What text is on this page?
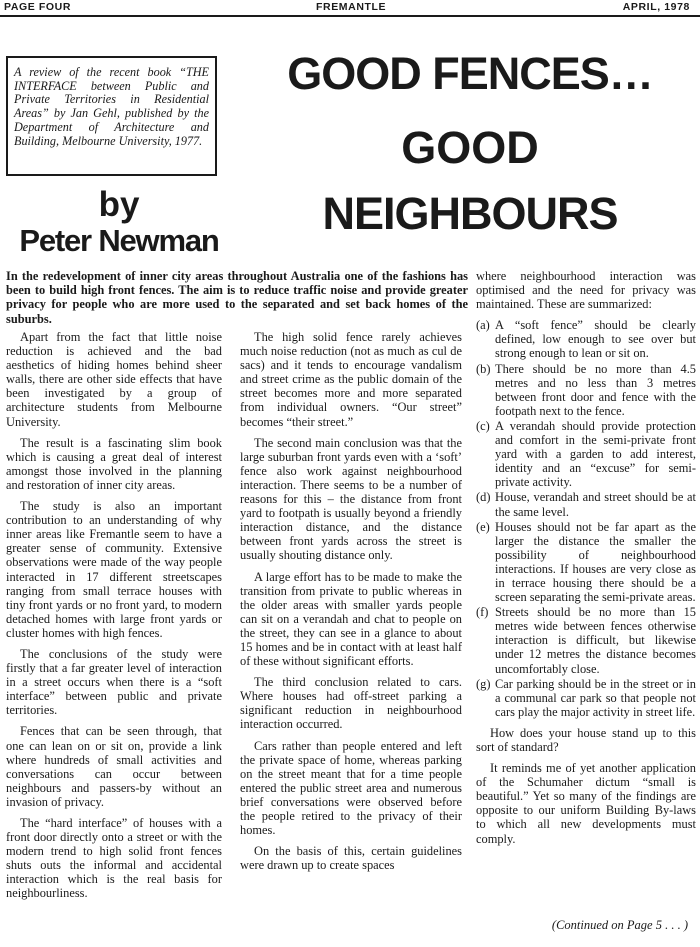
PAGE FOUR	FREMANTLE	APRIL, 1978
A review of the recent book “THE INTERFACE between Public and Private Territories in Residential Areas” by Jan Gehl, published by the Department of Architecture and Building, Melbourne University, 1977.
GOOD FENCES…
GOOD
NEIGHBOURS
by
Peter Newman
In the redevelopment of inner city areas throughout Australia one of the fashions has been to build high front fences. The aim is to reduce traffic noise and provide greater privacy for people who are more used to the separated and set back homes of the suburbs.

Apart from the fact that little noise reduction is achieved and the bad aesthetics of hiding homes behind sheer walls, there are other side effects that have been investigated by a group of architecture students from Melbourne University.

The result is a fascinating slim book which is causing a great deal of interest amongst those involved in the planning and restoration of inner city areas.

The study is also an important contribution to an understanding of why inner areas like Fremantle seem to have a greater sense of community. Extensive observations were made of the way people interacted in 17 different streetscapes ranging from small terrace houses with tiny front yards or no front yard, to modern detached homes with large front yards or cluster homes with high fences.

The conclusions of the study were firstly that a far greater level of interaction in a street occurs when there is a “soft interface” between public and private territories.

Fences that can be seen through, that one can lean on or sit on, provide a link where hundreds of small activities and conversations can occur between neighbours and passers-by without an invasion of privacy.

The “hard interface” of houses with a front door directly onto a street or with the modern trend to high solid front fences shuts outs the informal and accidental interaction which is the real basis for neighbourliness.

The high solid fence rarely achieves much noise reduction (not as much as cul de sacs) and it tends to encourage vandalism and street crime as the public domain of the street becomes more and more separated from individual owners. “Our street” becomes “their street.”

The second main conclusion was that the large suburban front yards even with a ‘soft’ fence also work against neighbourhood interaction. There seems to be a number of reasons for this – the distance from front yard to footpath is usually beyond a friendly interaction distance, and the distance between front yards across the street is usually shouting distance only.

A large effort has to be made to make the transition from private to public whereas in the older areas with smaller yards people can sit on a verandah and chat to people on the street, they can see in a glance to about 15 homes and be in contact with at least half of these without significant efforts.

The third conclusion related to cars. Where houses had off-street parking a significant reduction in neighbourhood interaction occurred.

Cars rather than people entered and left the private space of home, whereas parking on the street meant that for a time people entered the public street area and numerous brief conversations were observed before the people retired to the privacy of their homes.

On the basis of this, certain guidelines were drawn up to create spaces

where neighbourhood interaction was optimised and the need for privacy was maintained. These are summarized:

(a) A “soft fence” should be clearly defined, low enough to see over but strong enough to lean or sit on.
(b) There should be no more than 4.5 metres and no less than 3 metres between front door and fence with the footpath next to the fence.
(c) A verandah should provide protection and comfort in the semi-private front yard with a garden to add interest, identity and an “excuse” for semi-private activity.
(d) House, verandah and street should be at the same level.
(e) Houses should not be far apart as the larger the distance the smaller the possibility of neighbourhood interactions. If houses are very close as in terrace housing there should be a screen separating the semi-private areas.
(f) Streets should be no more than 15 metres wide between fences otherwise interaction is difficult, but likewise under 12 metres the distance becomes uncomfortably close.
(g) Car parking should be in the street or in a communal car park so that people not cars play the major activity in street life.

How does your house stand up to this sort of standard?

It reminds me of yet another application of the Schumaher dictum “small is beautiful.” Yet so many of the findings are opposite to our uniform Building By-laws to which all new developments must comply.

(Continued on Page 5 . . . )
